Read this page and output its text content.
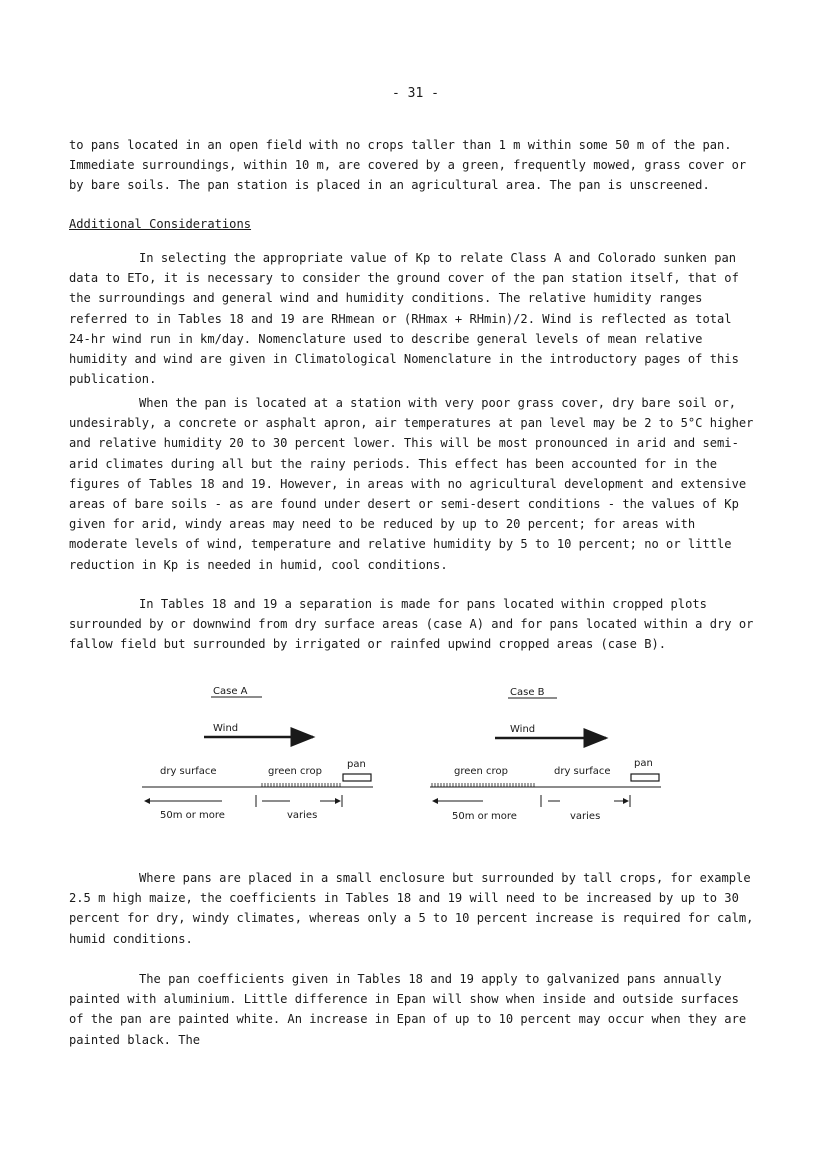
- 31 -
to pans located in an open field with no crops taller than 1 m within some 50 m of the pan. Immediate surroundings, within 10 m, are covered by a green, frequently mowed, grass cover or by bare soils. The pan station is placed in an agricultural area. The pan is unscreened.
Additional Considerations
In selecting the appropriate value of Kp to relate Class A and Colorado sunken pan data to ETo, it is necessary to consider the ground cover of the pan station itself, that of the surroundings and general wind and humidity conditions. The relative humidity ranges referred to in Tables 18 and 19 are RHmean or (RHmax + RHmin)/2. Wind is reflected as total 24-hr wind run in km/day. Nomenclature used to describe general levels of mean relative humidity and wind are given in Climatological Nomenclature in the introductory pages of this publication.
When the pan is located at a station with very poor grass cover, dry bare soil or, undesirably, a concrete or asphalt apron, air temperatures at pan level may be 2 to 5°C higher and relative humidity 20 to 30 percent lower. This will be most pronounced in arid and semi-arid climates during all but the rainy periods. This effect has been accounted for in the figures of Tables 18 and 19. However, in areas with no agricultural development and extensive areas of bare soils - as are found under desert or semi-desert conditions - the values of Kp given for arid, windy areas may need to be reduced by up to 20 percent; for areas with moderate levels of wind, temperature and relative humidity by 5 to 10 percent; no or little reduction in Kp is needed in humid, cool conditions.
In Tables 18 and 19 a separation is made for pans located within cropped plots surrounded by or downwind from dry surface areas (case A) and for pans located within a dry or fallow field but surrounded by irrigated or rainfed upwind cropped areas (case B).
Case A
Wind
dry surface	green crop
pan
50m or more	varies
Case B
Wind
green crop	dry surface
pan
50m or more	varies
Where pans are placed in a small enclosure but surrounded by tall crops, for example 2.5 m high maize, the coefficients in Tables 18 and 19 will need to be increased by up to 30 percent for dry, windy climates, whereas only a 5 to 10 percent increase is required for calm, humid conditions.
The pan coefficients given in Tables 18 and 19 apply to galvanized pans annually painted with aluminium. Little difference in Epan will show when inside and outside surfaces of the pan are painted white. An increase in Epan of up to 10 percent may occur when they are painted black. The
